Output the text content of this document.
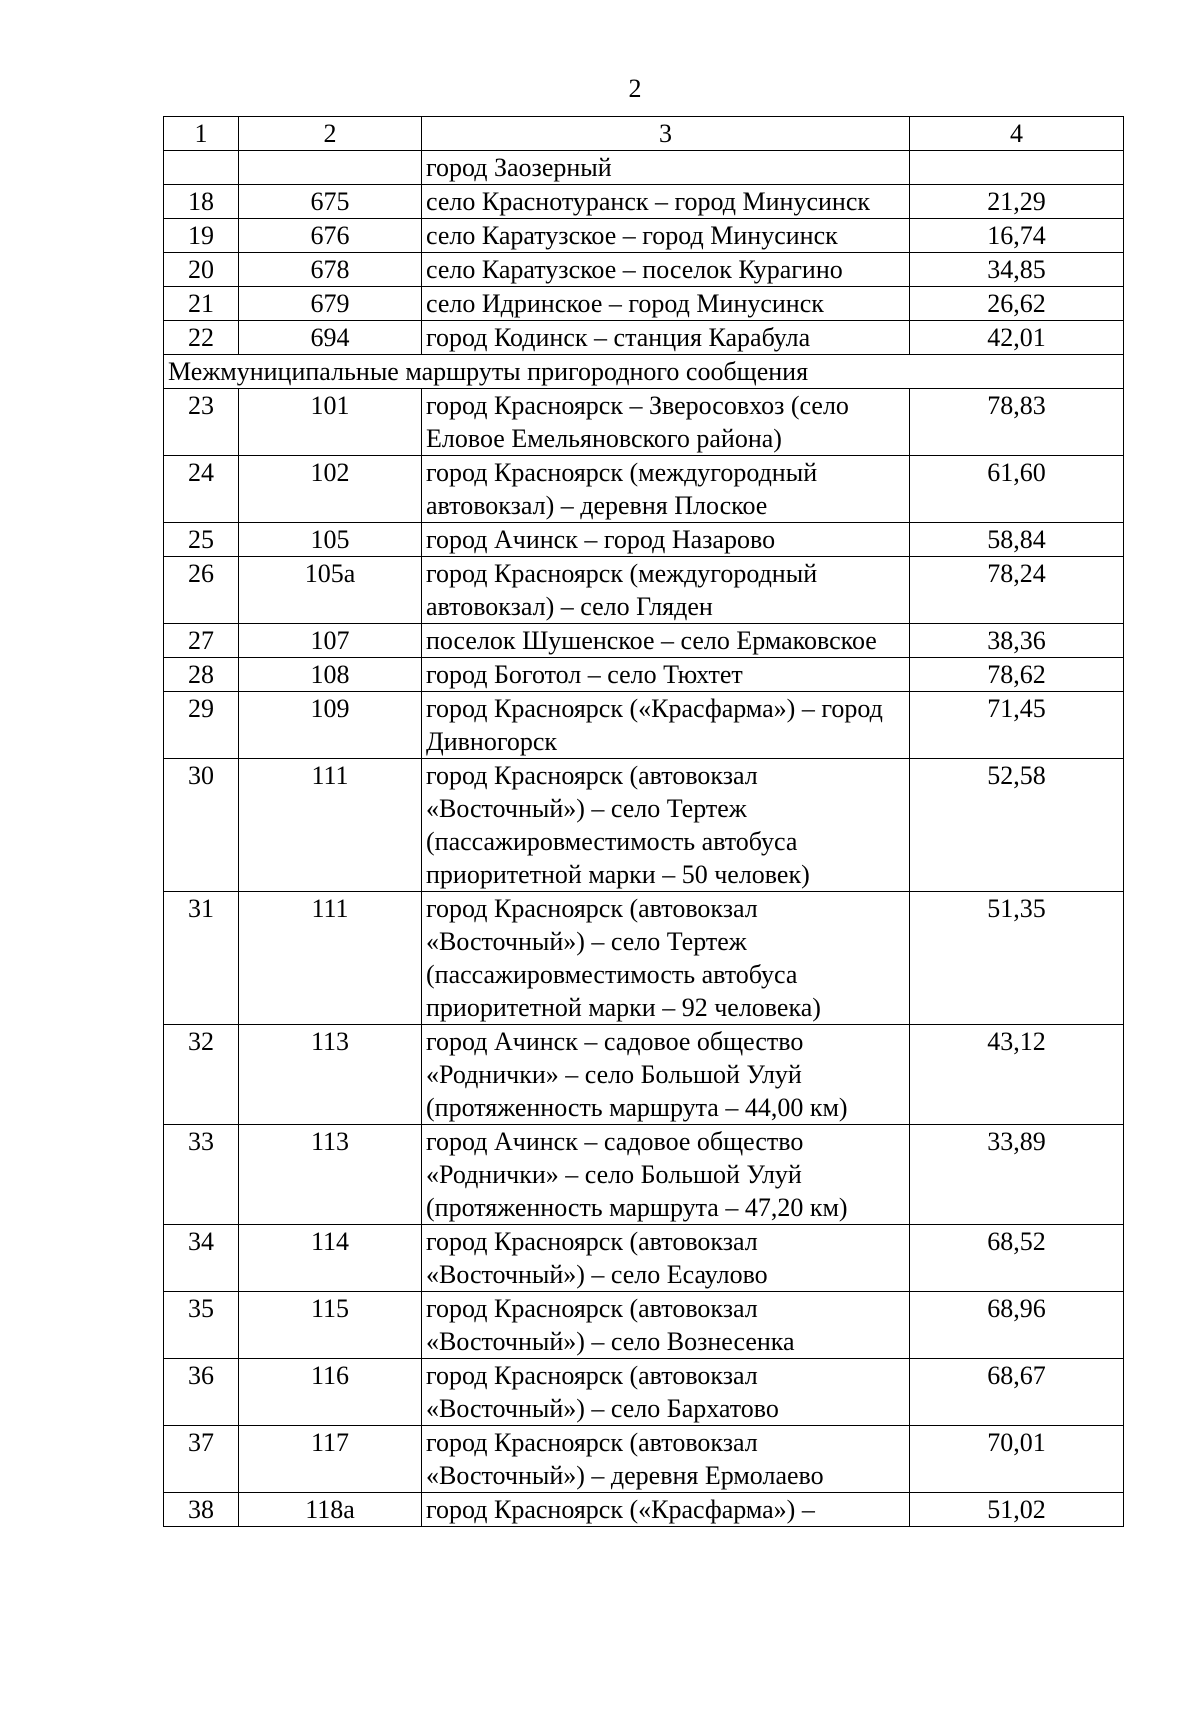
2
1	2	3	4
		город Заозерный	
18	675	село Краснотуранск – город Минусинск	21,29
19	676	село Каратузское – город Минусинск	16,74
20	678	село Каратузское – поселок Курагино	34,85
21	679	село Идринское – город Минусинск	26,62
22	694	город Кодинск – станция Карабула	42,01
Межмуниципальные маршруты пригородного сообщения			
23	101	город Красноярск – Зверосовхоз (село Еловое Емельяновского района)	78,83
24	102	город Красноярск (междугородный автовокзал) – деревня Плоское	61,60
25	105	город Ачинск – город Назарово	58,84
26	105а	город Красноярск (междугородный автовокзал) – село Гляден	78,24
27	107	поселок Шушенское – село Ермаковское	38,36
28	108	город Боготол – село Тюхтет	78,62
29	109	город Красноярск («Красфарма») – город Дивногорск	71,45
30	111	город Красноярск (автовокзал «Восточный») – село Тертеж (пассажировместимость автобуса приоритетной марки – 50 человек)	52,58
31	111	город Красноярск (автовокзал «Восточный») – село Тертеж (пассажировместимость автобуса приоритетной марки – 92 человека)	51,35
32	113	город Ачинск – садовое общество «Роднички» – село Большой Улуй (протяженность маршрута – 44,00 км)	43,12
33	113	город Ачинск – садовое общество «Роднички» – село Большой Улуй (протяженность маршрута – 47,20 км)	33,89
34	114	город Красноярск (автовокзал «Восточный») – село Есаулово	68,52
35	115	город Красноярск (автовокзал «Восточный») – село Вознесенка	68,96
36	116	город Красноярск (автовокзал «Восточный») – село Бархатово	68,67
37	117	город Красноярск (автовокзал «Восточный») – деревня Ермолаево	70,01
38	118а	город Красноярск («Красфарма») –	51,02
